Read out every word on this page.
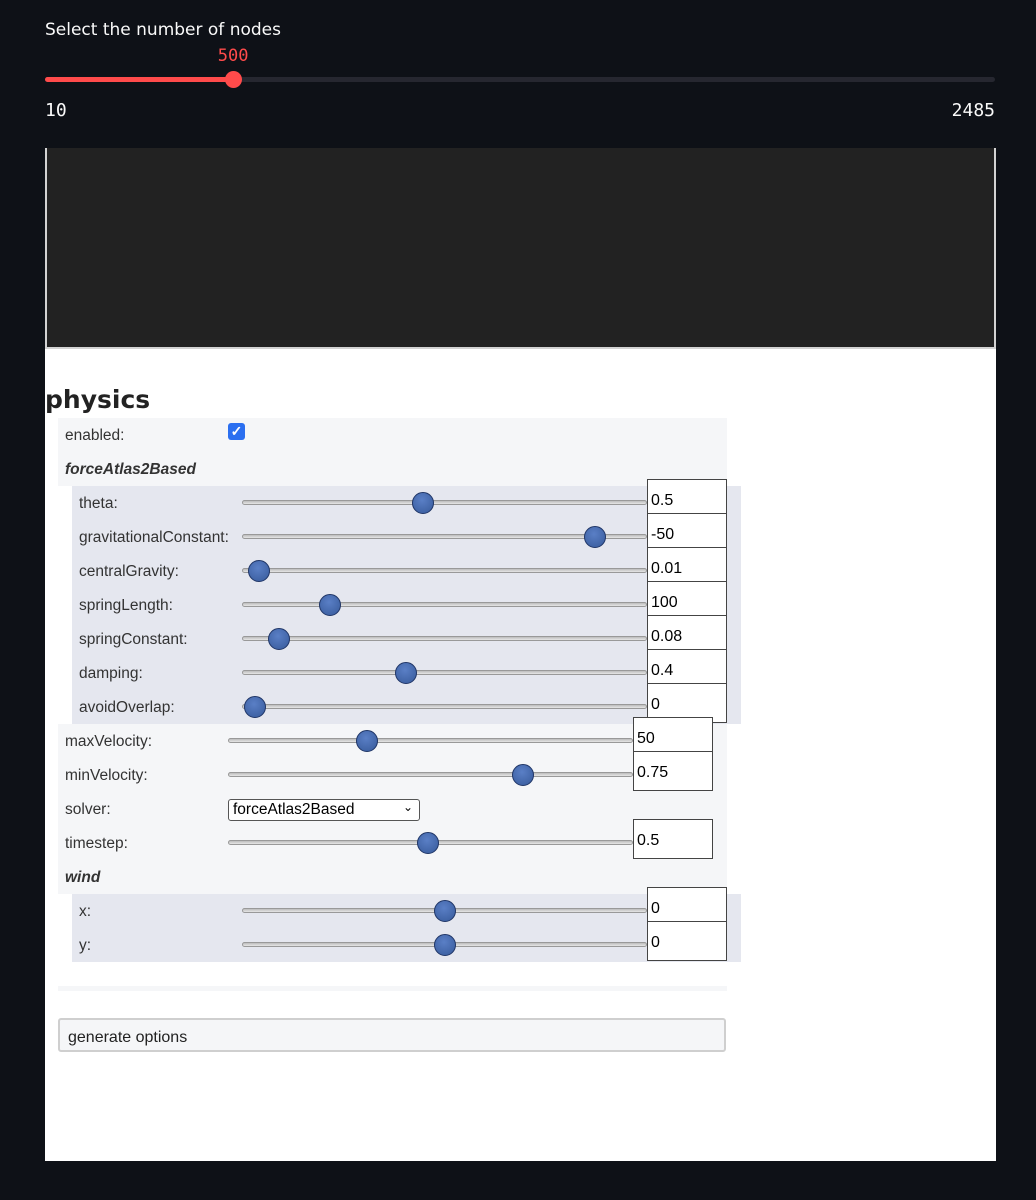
Select the number of nodes
500
10	2485
physics
enabled:	✓
forceAtlas2Based
theta:	0.5
gravitationalConstant:	-50
centralGravity:	0.01
springLength:	100
springConstant:	0.08
damping:	0.4
avoidOverlap:	0
maxVelocity:	50
minVelocity:	0.75
solver:	forceAtlas2Based	⌄
timestep:	0.5
wind
x:	0
y:	0
generate options
